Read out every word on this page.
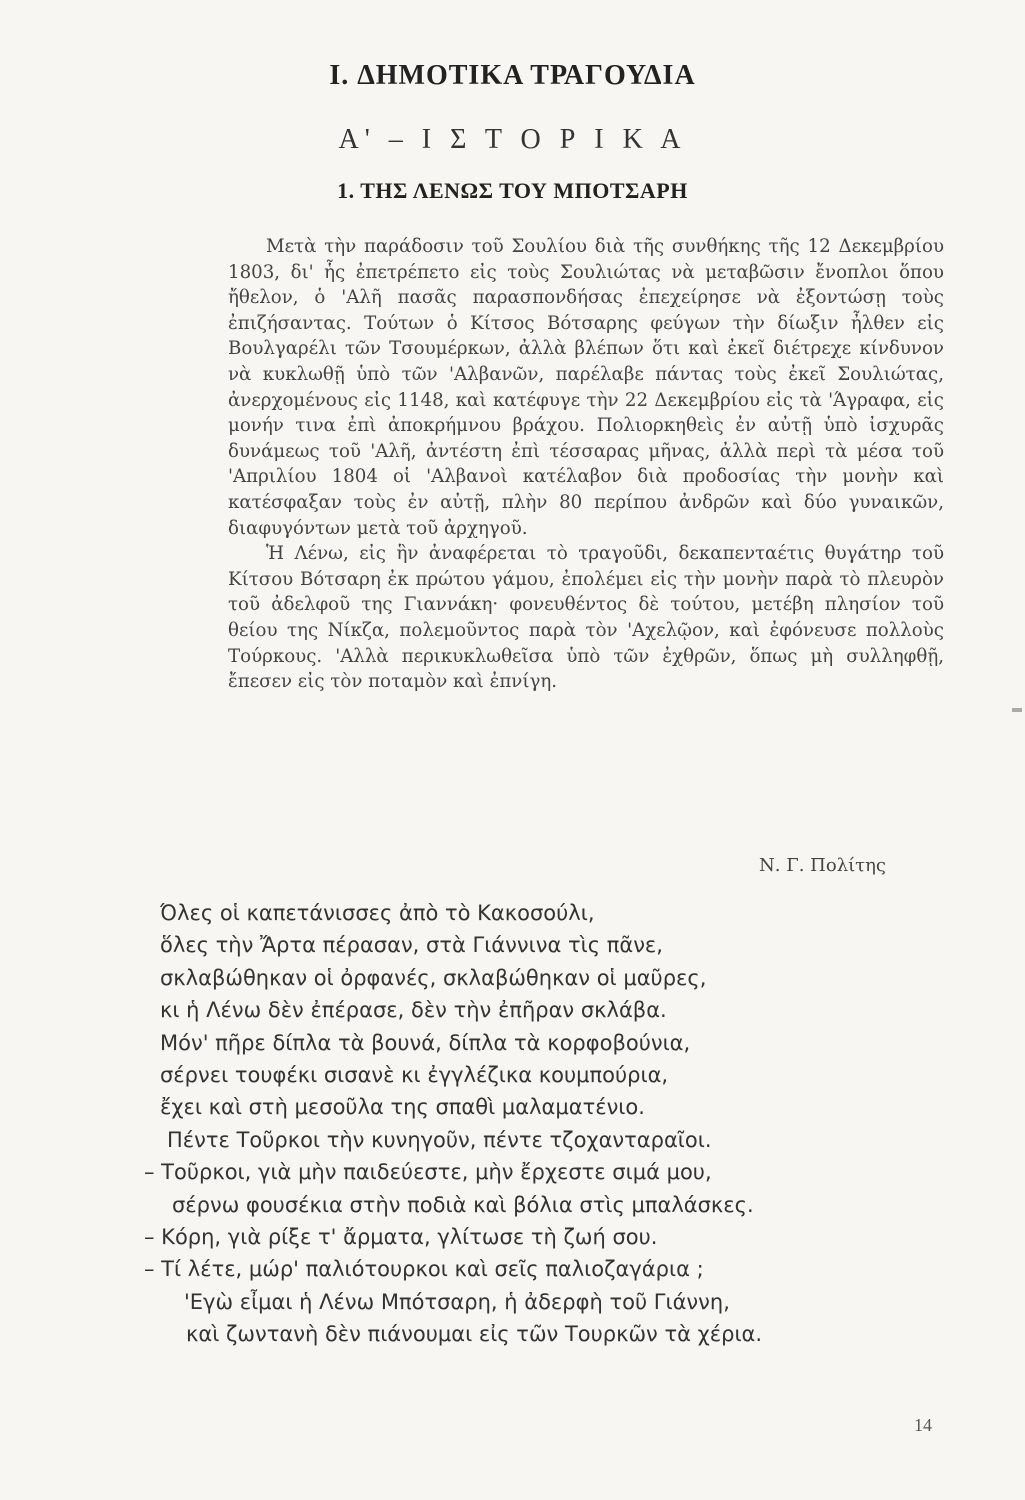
I. ΔΗΜΟΤΙΚΑ ΤΡΑΓΟΥΔΙΑ
Α' – Ι Σ Τ Ο Ρ Ι Κ Α
1. ΤΗΣ ΛΕΝΩΣ ΤΟΥ ΜΠΟΤΣΑΡΗ

Μετὰ τὴν παράδοσιν τοῦ Σουλίου διὰ τῆς συνθήκης τῆς 12 Δεκεμβρίου 1803, δι' ἧς ἐπετρέπετο εἰς τοὺς Σουλιώτας νὰ μεταβῶσιν ἔνοπλοι ὅπου ἤθελον, ὁ 'Αλῆ πασᾶς παρασπονδήσας ἐπεχείρησε νὰ ἐξοντώσῃ τοὺς ἐπιζήσαντας. Τούτων ὁ Κίτσος Βότσαρης φεύγων τὴν δίωξιν ἦλθεν εἰς Βουλγαρέλι τῶν Τσουμέρκων, ἀλλὰ βλέπων ὅτι καὶ ἐκεῖ διέτρεχε κίνδυνον νὰ κυκλωθῇ ὑπὸ τῶν 'Αλβανῶν, παρέλαβε πάντας τοὺς ἐκεῖ Σουλιώτας, ἀνερχομένους εἰς 1148, καὶ κατέφυγε τὴν 22 Δεκεμβρίου εἰς τὰ 'Άγραφα, εἰς μονήν τινα ἐπὶ ἀποκρήμνου βράχου. Πολιορκηθεὶς ἐν αὐτῇ ὑπὸ ἰσχυρᾶς δυνάμεως τοῦ 'Αλῆ, ἀντέστη ἐπὶ τέσσαρας μῆνας, ἀλλὰ περὶ τὰ μέσα τοῦ 'Απριλίου 1804 οἱ 'Αλβανοὶ κατέλαβον διὰ προδοσίας τὴν μονὴν καὶ κατέσφαξαν τοὺς ἐν αὐτῇ, πλὴν 80 περίπου ἀνδρῶν καὶ δύο γυναικῶν, διαφυγόντων μετὰ τοῦ ἀρχηγοῦ.

Ἡ Λένω, εἰς ἣν ἀναφέρεται τὸ τραγοῦδι, δεκαπενταέτις θυγάτηρ τοῦ Κίτσου Βότσαρη ἐκ πρώτου γάμου, ἐπολέμει εἰς τὴν μονὴν παρὰ τὸ πλευρὸν τοῦ ἀδελφοῦ της Γιαννάκη· φονευθέντος δὲ τούτου, μετέβη πλησίον τοῦ θείου της Νίκζα, πολεμοῦντος παρὰ τὸν 'Αχελῷον, καὶ ἐφόνευσε πολλοὺς Τούρκους. 'Αλλὰ περικυκλωθεῖσα ὑπὸ τῶν ἐχθρῶν, ὅπως μὴ συλληφθῇ, ἔπεσεν εἰς τὸν ποταμὸν καὶ ἐπνίγη.

Ν. Γ. Πολίτης
Όλες οἱ καπετάνισσες ἀπὸ τὸ Κακοσούλι,
ὅλες τὴν Ἄρτα πέρασαν, στὰ Γιάννινα τὶς πᾶνε,
σκλαβώθηκαν οἱ ὀρφανές, σκλαβώθηκαν οἱ μαῦρες,
κι ἡ Λένω δὲν ἐπέρασε, δὲν τὴν ἐπῆραν σκλάβα.
Μόν' πῆρε δίπλα τὰ βουνά, δίπλα τὰ κορφοβούνια,
σέρνει τουφέκι σισανὲ κι ἐγγλέζικα κουμπούρια,
ἔχει καὶ στὴ μεσοῦλα της σπαθὶ μαλαματένιο.
Πέντε Τοῦρκοι τὴν κυνηγοῦν, πέντε τζοχανταραῖοι.
– Τοῦρκοι, γιὰ μὴν παιδεύεστε, μὴν ἔρχεστε σιμά μου,
σέρνω φουσέκια στὴν ποδιὰ καὶ βόλια στὶς μπαλάσκες.
– Κόρη, γιὰ ρίξε τ' ἄρματα, γλίτωσε τὴ ζωή σου.
– Τί λέτε, μώρ' παλιότουρκοι καὶ σεῖς παλιοζαγάρια ;
'Εγὼ εἶμαι ἡ Λένω Μπότσαρη, ἡ ἀδερφὴ τοῦ Γιάννη,
καὶ ζωντανὴ δὲν πιάνουμαι εἰς τῶν Τουρκῶν τὰ χέρια.
14
